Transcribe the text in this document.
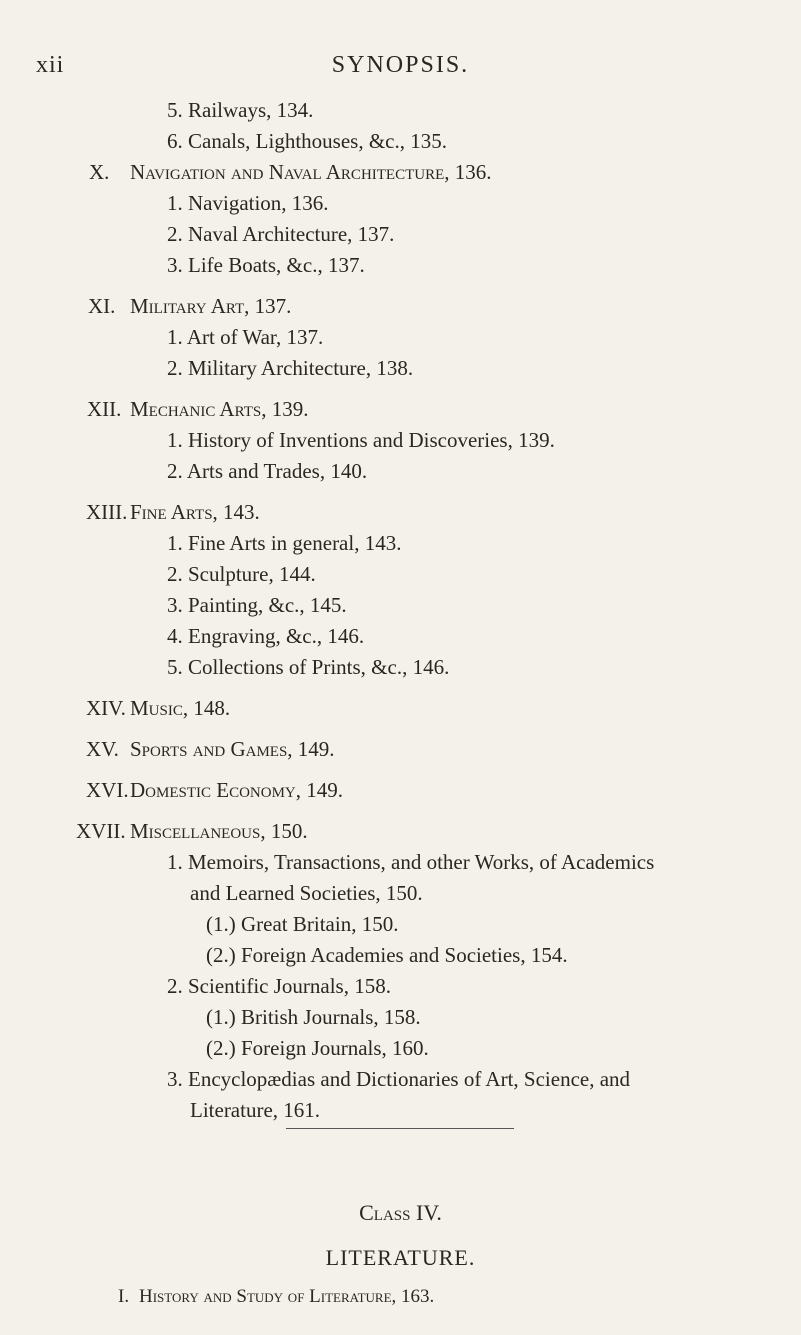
xii	SYNOPSIS.
5. Railways, 134.
6. Canals, Lighthouses, &c., 135.
X. Navigation and Naval Architecture, 136.
1. Navigation, 136.
2. Naval Architecture, 137.
3. Life Boats, &c., 137.
XI. Military Art, 137.
1. Art of War, 137.
2. Military Architecture, 138.
XII. Mechanic Arts, 139.
1. History of Inventions and Discoveries, 139.
2. Arts and Trades, 140.
XIII. Fine Arts, 143.
1. Fine Arts in general, 143.
2. Sculpture, 144.
3. Painting, &c., 145.
4. Engraving, &c., 146.
5. Collections of Prints, &c., 146.
XIV. Music, 148.
XV. Sports and Games, 149.
XVI. Domestic Economy, 149.
XVII. Miscellaneous, 150.
1. Memoirs, Transactions, and other Works, of Academics
and Learned Societies, 150.
(1.) Great Britain, 150.
(2.) Foreign Academies and Societies, 154.
2. Scientific Journals, 158.
(1.) British Journals, 158.
(2.) Foreign Journals, 160.
3. Encyclopædias and Dictionaries of Art, Science, and
Literature, 161.
Class IV.
LITERATURE.
I. History and Study of Literature, 163.
